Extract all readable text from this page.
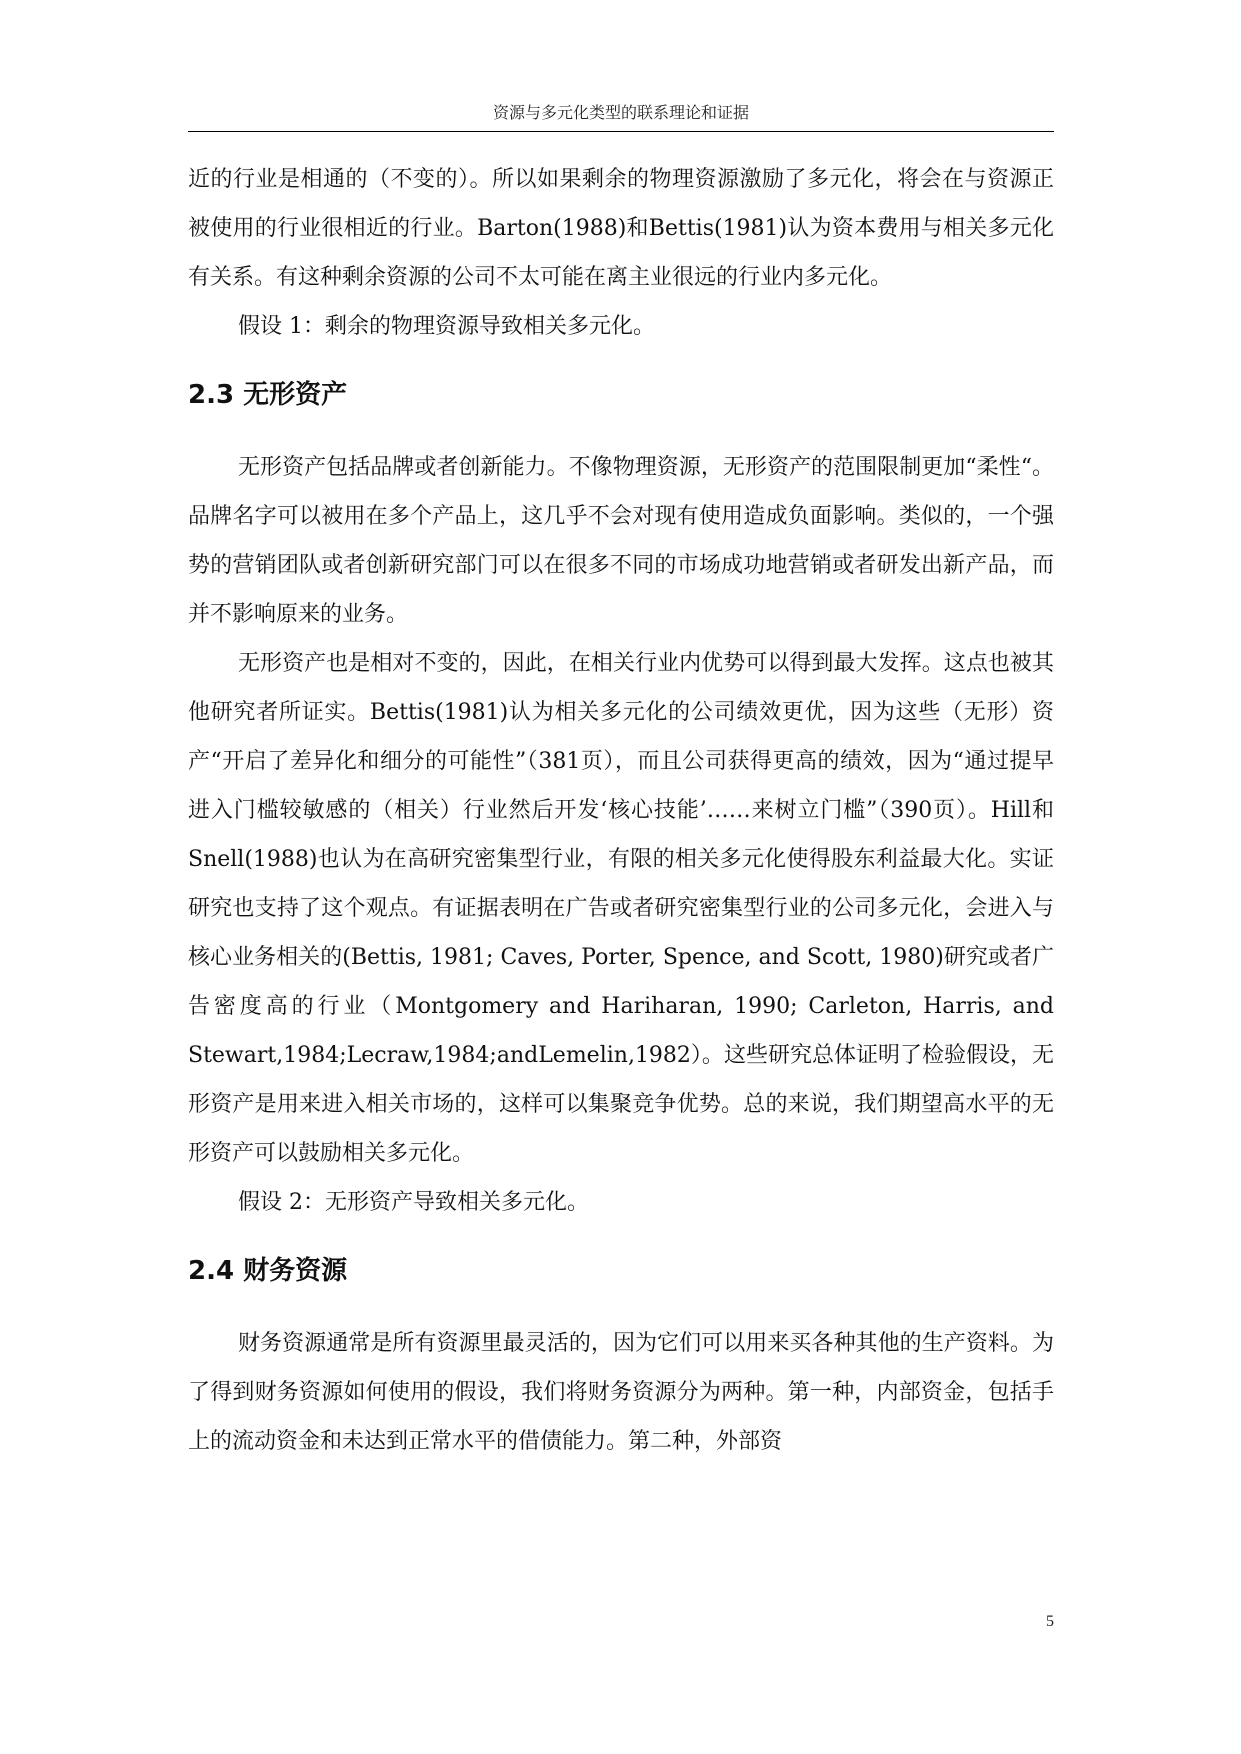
资源与多元化类型的联系理论和证据

近的行业是相通的（不变的）。所以如果剩余的物理资源激励了多元化，将会在与资源正被使用的行业很相近的行业。Barton(1988)和Bettis(1981)认为资本费用与相关多元化有关系。有这种剩余资源的公司不太可能在离主业很远的行业内多元化。

假设 1：剩余的物理资源导致相关多元化。

2.3 无形资产

无形资产包括品牌或者创新能力。不像物理资源，无形资产的范围限制更加“柔性“。品牌名字可以被用在多个产品上，这几乎不会对现有使用造成负面影响。类似的，一个强势的营销团队或者创新研究部门可以在很多不同的市场成功地营销或者研发出新产品，而并不影响原来的业务。

无形资产也是相对不变的，因此，在相关行业内优势可以得到最大发挥。这点也被其他研究者所证实。Bettis(1981)认为相关多元化的公司绩效更优，因为这些（无形）资产“开启了差异化和细分的可能性”（381页），而且公司获得更高的绩效，因为“通过提早进入门槛较敏感的（相关）行业然后开发‘核心技能’……来树立门槛”（390页）。Hill和Snell(1988)也认为在高研究密集型行业，有限的相关多元化使得股东利益最大化。实证研究也支持了这个观点。有证据表明在广告或者研究密集型行业的公司多元化，会进入与核心业务相关的(Bettis, 1981; Caves, Porter, Spence, and Scott, 1980)研究或者广告密度高的行业（Montgomery and Hariharan, 1990; Carleton, Harris, and Stewart,1984;Lecraw,1984;andLemelin,1982）。这些研究总体证明了检验假设，无形资产是用来进入相关市场的，这样可以集聚竞争优势。总的来说，我们期望高水平的无形资产可以鼓励相关多元化。

假设 2：无形资产导致相关多元化。

2.4 财务资源

财务资源通常是所有资源里最灵活的，因为它们可以用来买各种其他的生产资料。为了得到财务资源如何使用的假设，我们将财务资源分为两种。第一种，内部资金，包括手上的流动资金和未达到正常水平的借债能力。第二种，外部资

5
